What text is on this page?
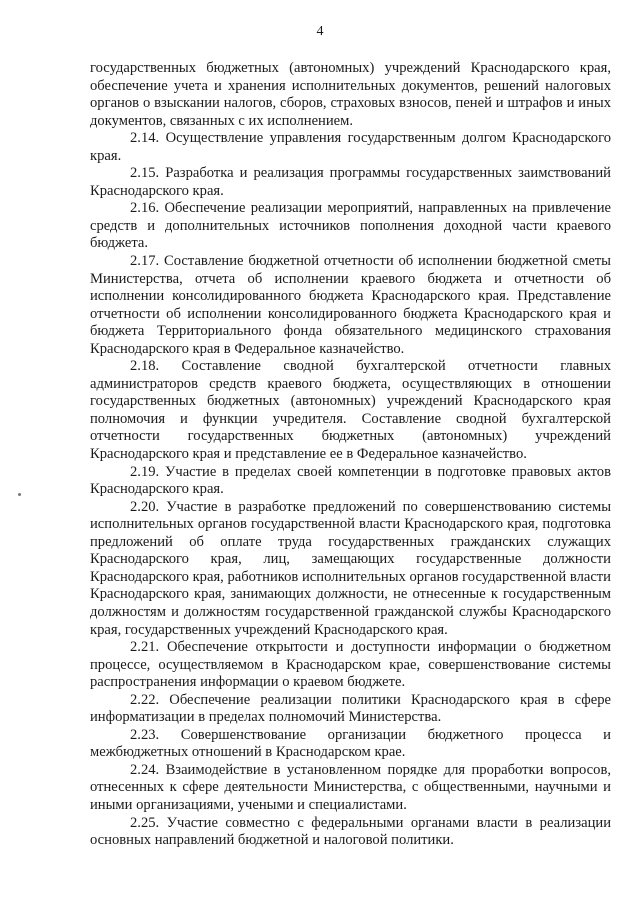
4

государственных бюджетных (автономных) учреждений Краснодарского края, обеспечение учета и хранения исполнительных документов, решений налоговых органов о взыскании налогов, сборов, страховых взносов, пеней и штрафов и иных документов, связанных с их исполнением.

2.14. Осуществление управления государственным долгом Краснодарского края.

2.15. Разработка и реализация программы государственных заимствований Краснодарского края.

2.16. Обеспечение реализации мероприятий, направленных на привлечение средств и дополнительных источников пополнения доходной части краевого бюджета.

2.17. Составление бюджетной отчетности об исполнении бюджетной сметы Министерства, отчета об исполнении краевого бюджета и отчетности об исполнении консолидированного бюджета Краснодарского края. Представление отчетности об исполнении консолидированного бюджета Краснодарского края и бюджета Территориального фонда обязательного медицинского страхования Краснодарского края в Федеральное казначейство.

2.18. Составление сводной бухгалтерской отчетности главных администраторов средств краевого бюджета, осуществляющих в отношении государственных бюджетных (автономных) учреждений Краснодарского края полномочия и функции учредителя. Составление сводной бухгалтерской отчетности государственных бюджетных (автономных) учреждений Краснодарского края и представление ее в Федеральное казначейство.

2.19. Участие в пределах своей компетенции в подготовке правовых актов Краснодарского края.

2.20. Участие в разработке предложений по совершенствованию системы исполнительных органов государственной власти Краснодарского края, подготовка предложений об оплате труда государственных гражданских служащих Краснодарского края, лиц, замещающих государственные должности Краснодарского края, работников исполнительных органов государственной власти Краснодарского края, занимающих должности, не отнесенные к государственным должностям и должностям государственной гражданской службы Краснодарского края, государственных учреждений Краснодарского края.

2.21. Обеспечение открытости и доступности информации о бюджетном процессе, осуществляемом в Краснодарском крае, совершенствование системы распространения информации о краевом бюджете.

2.22. Обеспечение реализации политики Краснодарского края в сфере информатизации в пределах полномочий Министерства.

2.23. Совершенствование организации бюджетного процесса и межбюджетных отношений в Краснодарском крае.

2.24. Взаимодействие в установленном порядке для проработки вопросов, отнесенных к сфере деятельности Министерства, с общественными, научными и иными организациями, учеными и специалистами.

2.25. Участие совместно с федеральными органами власти в реализации основных направлений бюджетной и налоговой политики.
